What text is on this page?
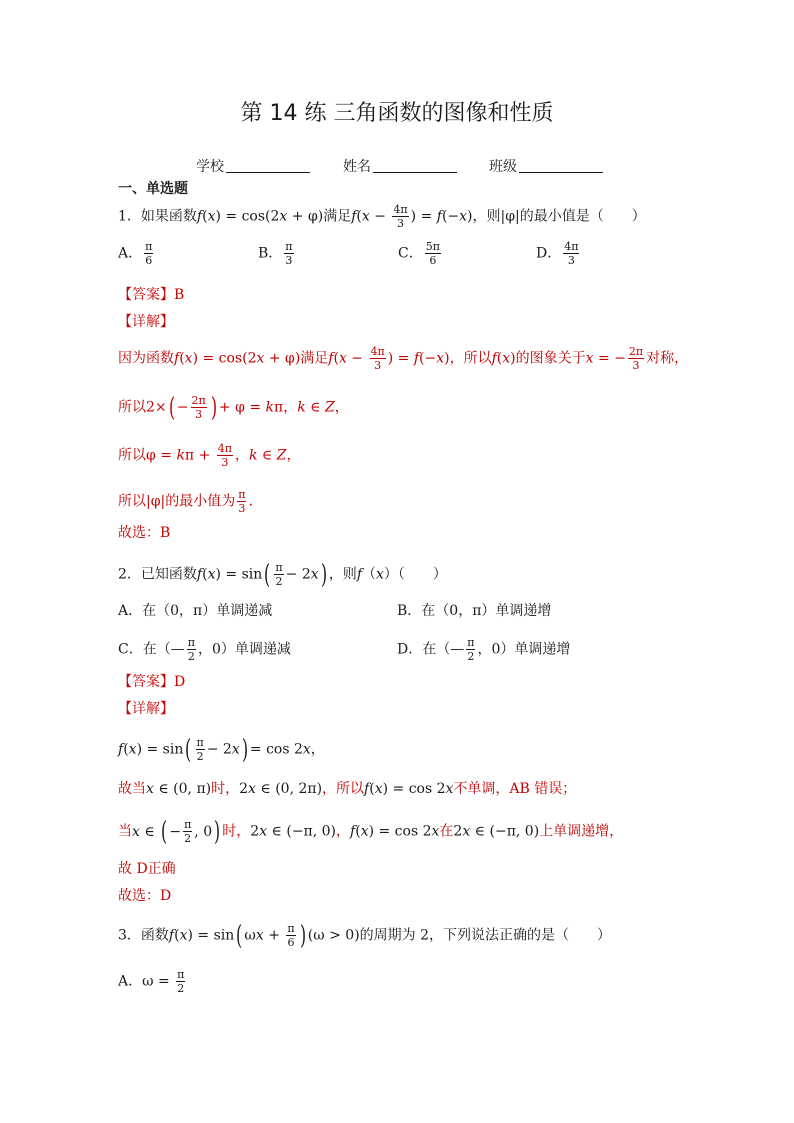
第 14 练 三角函数的图像和性质
学校	姓名	班级
一、单选题
1．如果函数f(x) = cos(2x + φ)满足$f(x - \frac{4\pi}{3}$ ) = f(−x)，则|φ|的最小值是（　　）
A． $\frac{\pi}{6}$	B． $\frac{\pi}{3}$	C． $\frac{5\pi}{6}$	D． $\frac{4\pi}{3}$
【答案】B
【详解】
因为函数f(x) = cos(2x + φ)满足$f(x - \frac{4\pi}{3}$ ) = f(−x)，所以f(x)的图象关于x = − $\frac{2\pi}{3}$ 对称，
所以$2\times( - \frac{2\pi}{3}$ ) + φ = kπ，k ∈ Z，
所以$\varphi = k\pi + \frac{4\pi}{3}$ ，k ∈ Z，
所以|φ|的最小值为 $\frac{\pi}{3}$ .
故选：B
2．已知函数$f(x) = \sin( \frac{\pi}{2} - 2x)$ ，则f（x）（　　）
A．在（0，π）单调递减	B．在（0，π）单调递增
C．在（— $\frac{\pi}{2}$ ，0）单调递减	D．在（— $\frac{\pi}{2}$ ，0）单调递增
【答案】D
【详解】
$f(x) = \sin( \frac{\pi}{2} - 2x) = \cos 2x$，
故当x ∈ (0, π)时，2x ∈ (0, 2π)，所以f(x) = cos 2x不单调，AB 错误；
当x ∈ ( − $\frac{\pi}{2}$ , 0) 时，2x ∈ (−π, 0)，f(x) = cos 2x在2x ∈ (−π, 0)上单调递增，
故 D正确
故选：D
3．函数f(x) = sin( $\omega x + \frac{\pi}{6}$ ) (ω > 0)的周期为 2，下列说法正确的是（　　）
A．$\omega = \frac{\pi}{2}$
